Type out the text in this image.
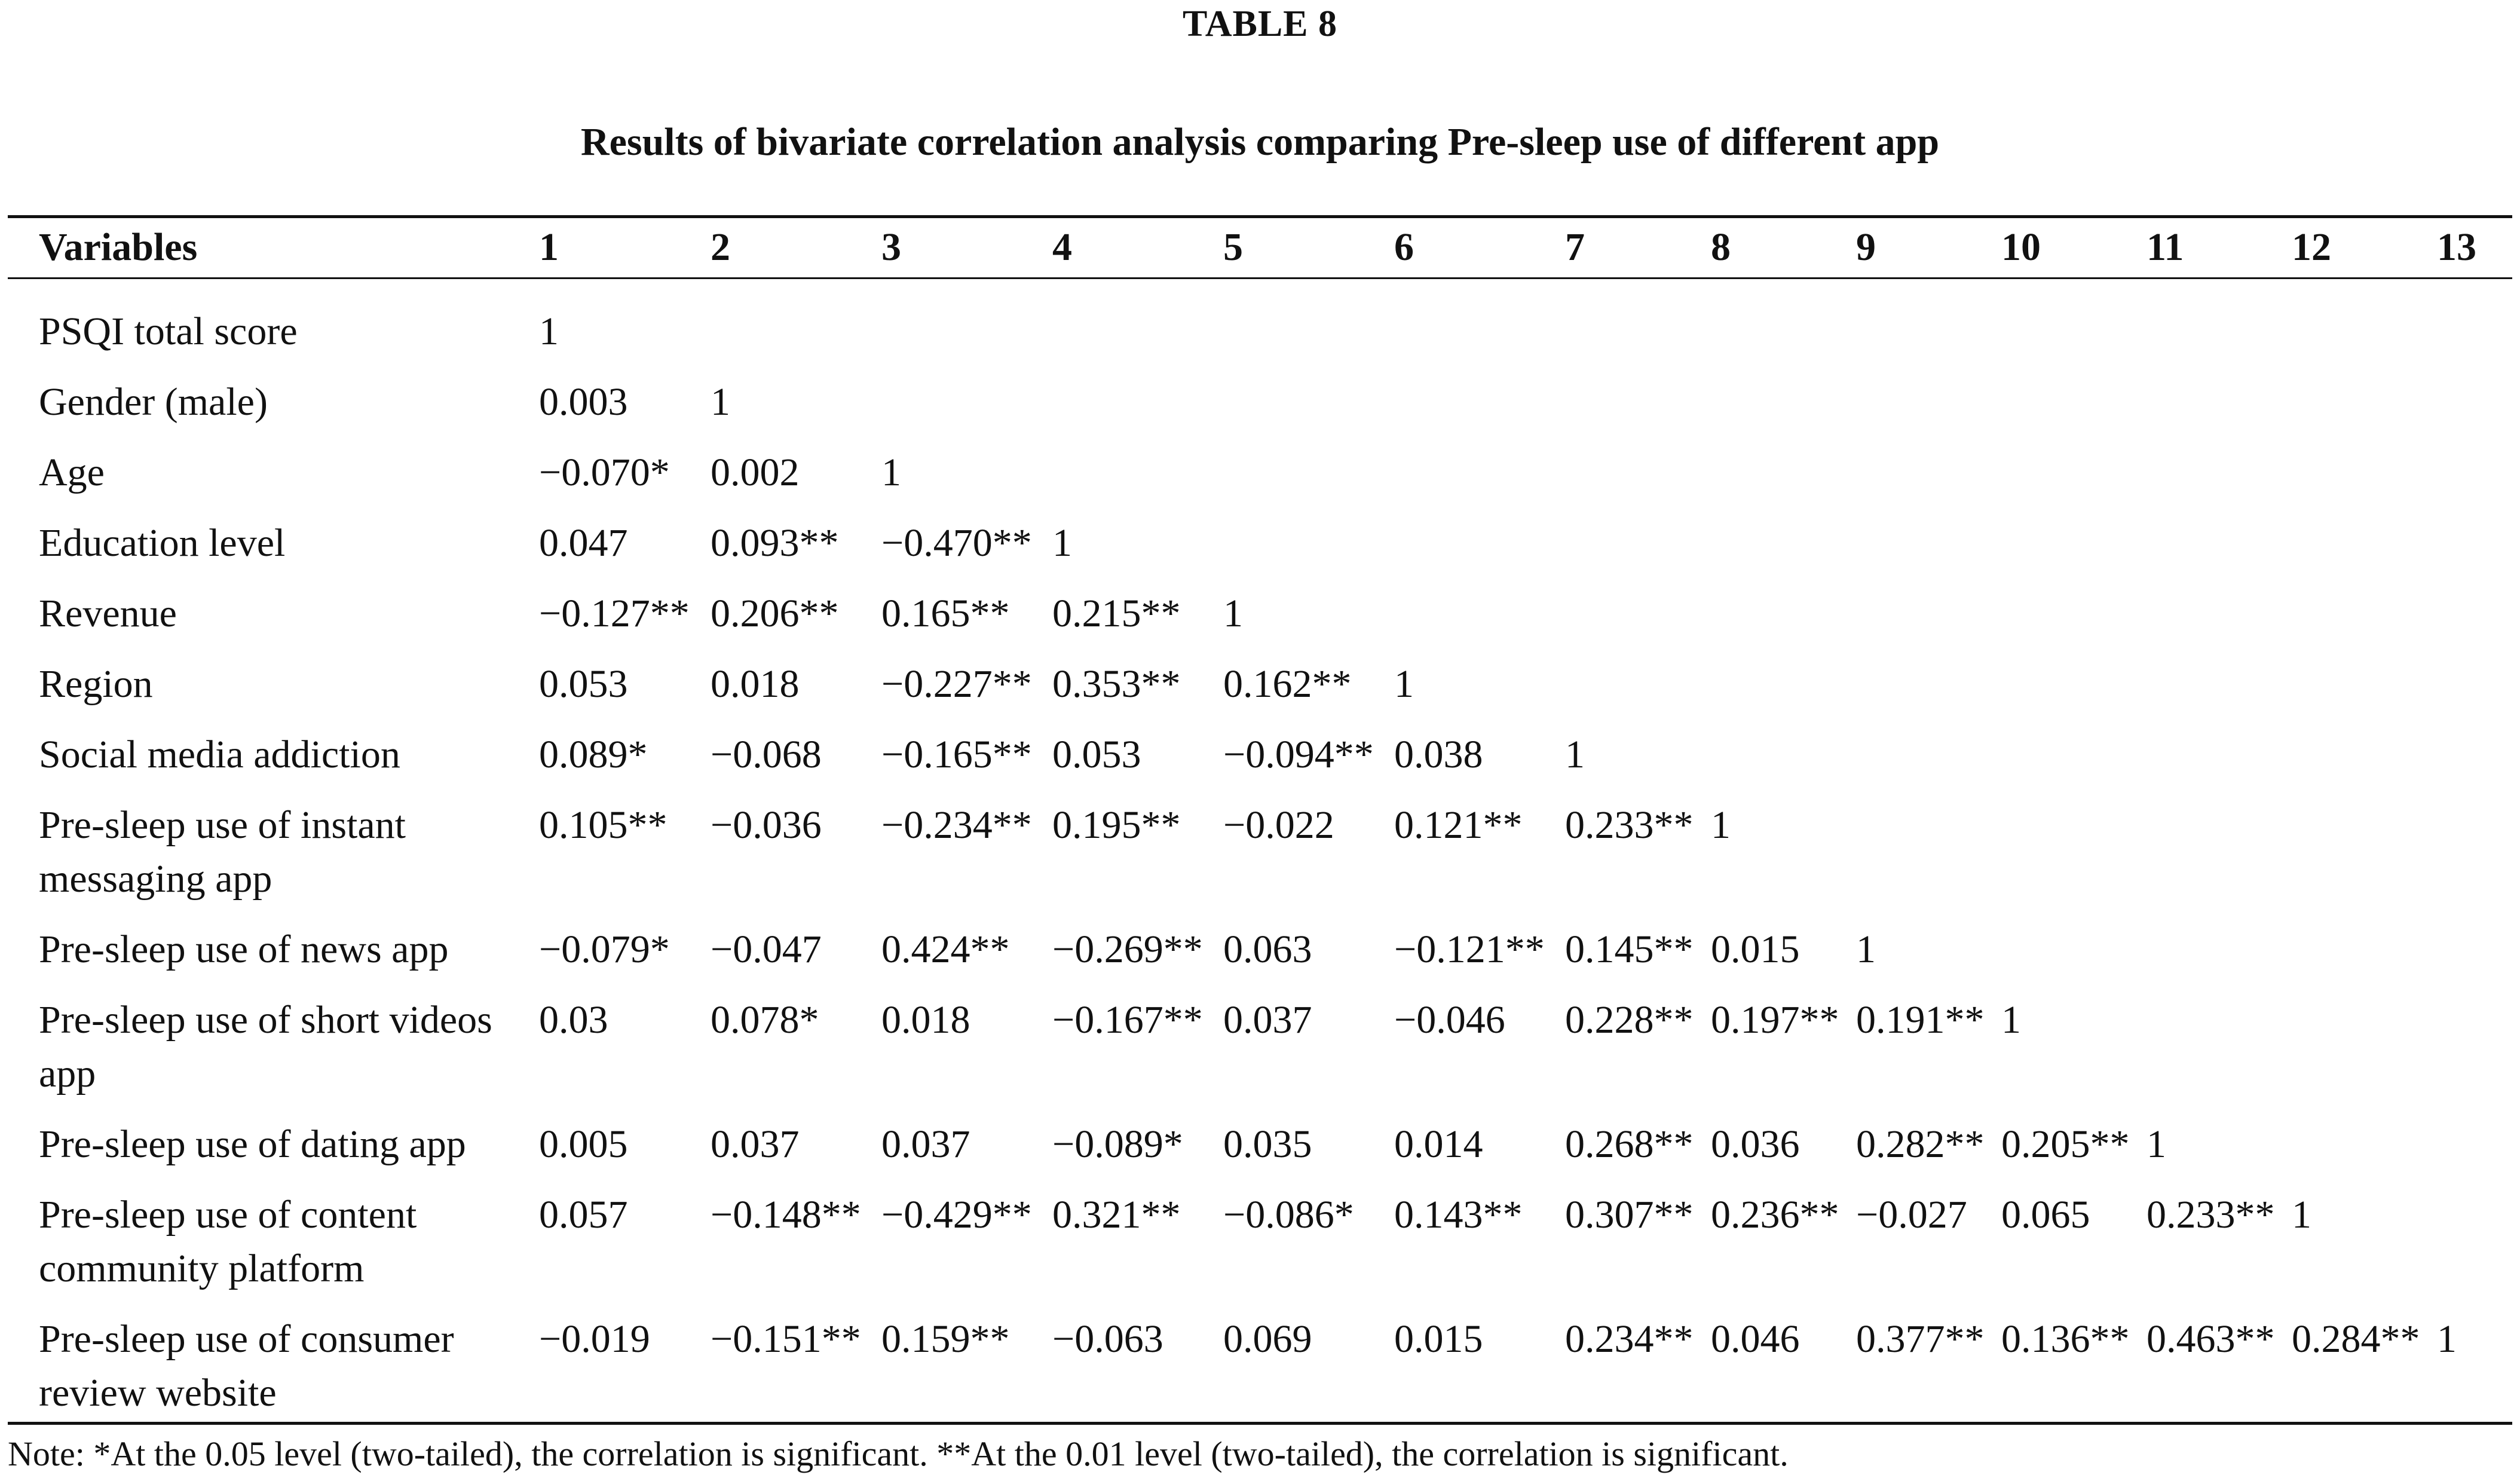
TABLE 8
Results of bivariate correlation analysis comparing Pre-sleep use of different app
Variables	1	2	3	4	5	6	7	8	9	10	11	12	13
PSQI total score	1												
Gender (male)	0.003	1											
Age	−0.070*	0.002	1										
Education level	0.047	0.093**	−0.470**	1									
Revenue	−0.127**	0.206**	0.165**	0.215**	1								
Region	0.053	0.018	−0.227**	0.353**	0.162**	1							
Social media addiction	0.089*	−0.068	−0.165**	0.053	−0.094**	0.038	1						
Pre-sleep use of instant messaging app	0.105**	−0.036	−0.234**	0.195**	−0.022	0.121**	0.233**	1					
Pre-sleep use of news app	−0.079*	−0.047	0.424**	−0.269**	0.063	−0.121**	0.145**	0.015	1				
Pre-sleep use of short videos app	0.03	0.078*	0.018	−0.167**	0.037	−0.046	0.228**	0.197**	0.191**	1			
Pre-sleep use of dating app	0.005	0.037	0.037	−0.089*	0.035	0.014	0.268**	0.036	0.282**	0.205**	1		
Pre-sleep use of content community platform	0.057	−0.148**	−0.429**	0.321**	−0.086*	0.143**	0.307**	0.236**	−0.027	0.065	0.233**	1	
Pre-sleep use of consumer review website	−0.019	−0.151**	0.159**	−0.063	0.069	0.015	0.234**	0.046	0.377**	0.136**	0.463**	0.284**	1
Note: *At the 0.05 level (two-tailed), the correlation is significant. **At the 0.01 level (two-tailed), the correlation is significant.
